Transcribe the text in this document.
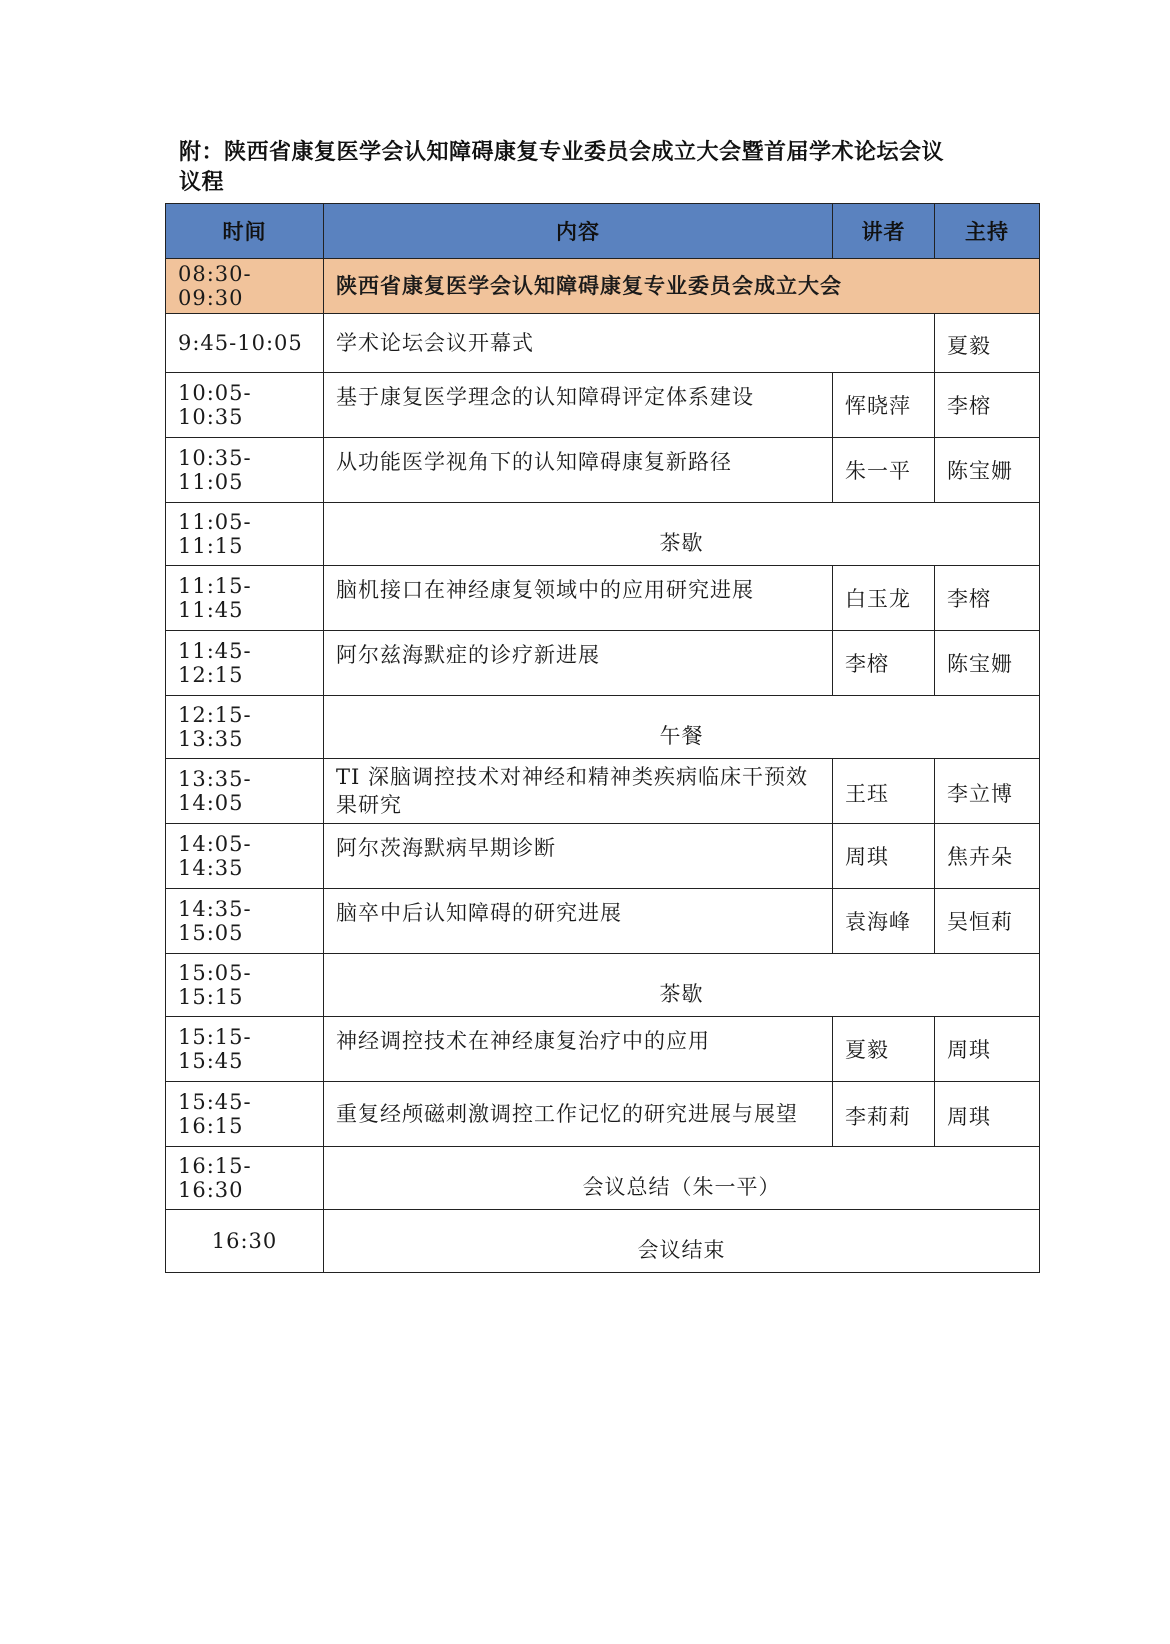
附：陕西省康复医学会认知障碍康复专业委员会成立大会暨首届学术论坛会议
议程
时间	内容	讲者	主持
08:30-09:30	陕西省康复医学会认知障碍康复专业委员会成立大会		
9:45-10:05	学术论坛会议开幕式		夏毅
10:05-10:35	基于康复医学理念的认知障碍评定体系建设	恽晓萍	李榕
10:35-11:05	从功能医学视角下的认知障碍康复新路径	朱一平	陈宝姗
11:05-11:15	茶歇		
11:15-11:45	脑机接口在神经康复领域中的应用研究进展	白玉龙	李榕
11:45-12:15	阿尔兹海默症的诊疗新进展	李榕	陈宝姗
12:15-13:35	午餐		
13:35-14:05	TI 深脑调控技术对神经和精神类疾病临床干预效果研究	王珏	李立博
14:05-14:35	阿尔茨海默病早期诊断	周琪	焦卉朵
14:35-15:05	脑卒中后认知障碍的研究进展	袁海峰	吴恒莉
15:05-15:15	茶歇		
15:15-15:45	神经调控技术在神经康复治疗中的应用	夏毅	周琪
15:45-16:15	重复经颅磁刺激调控工作记忆的研究进展与展望	李莉莉	周琪
16:15-16:30	会议总结（朱一平）		
16:30	会议结束		
